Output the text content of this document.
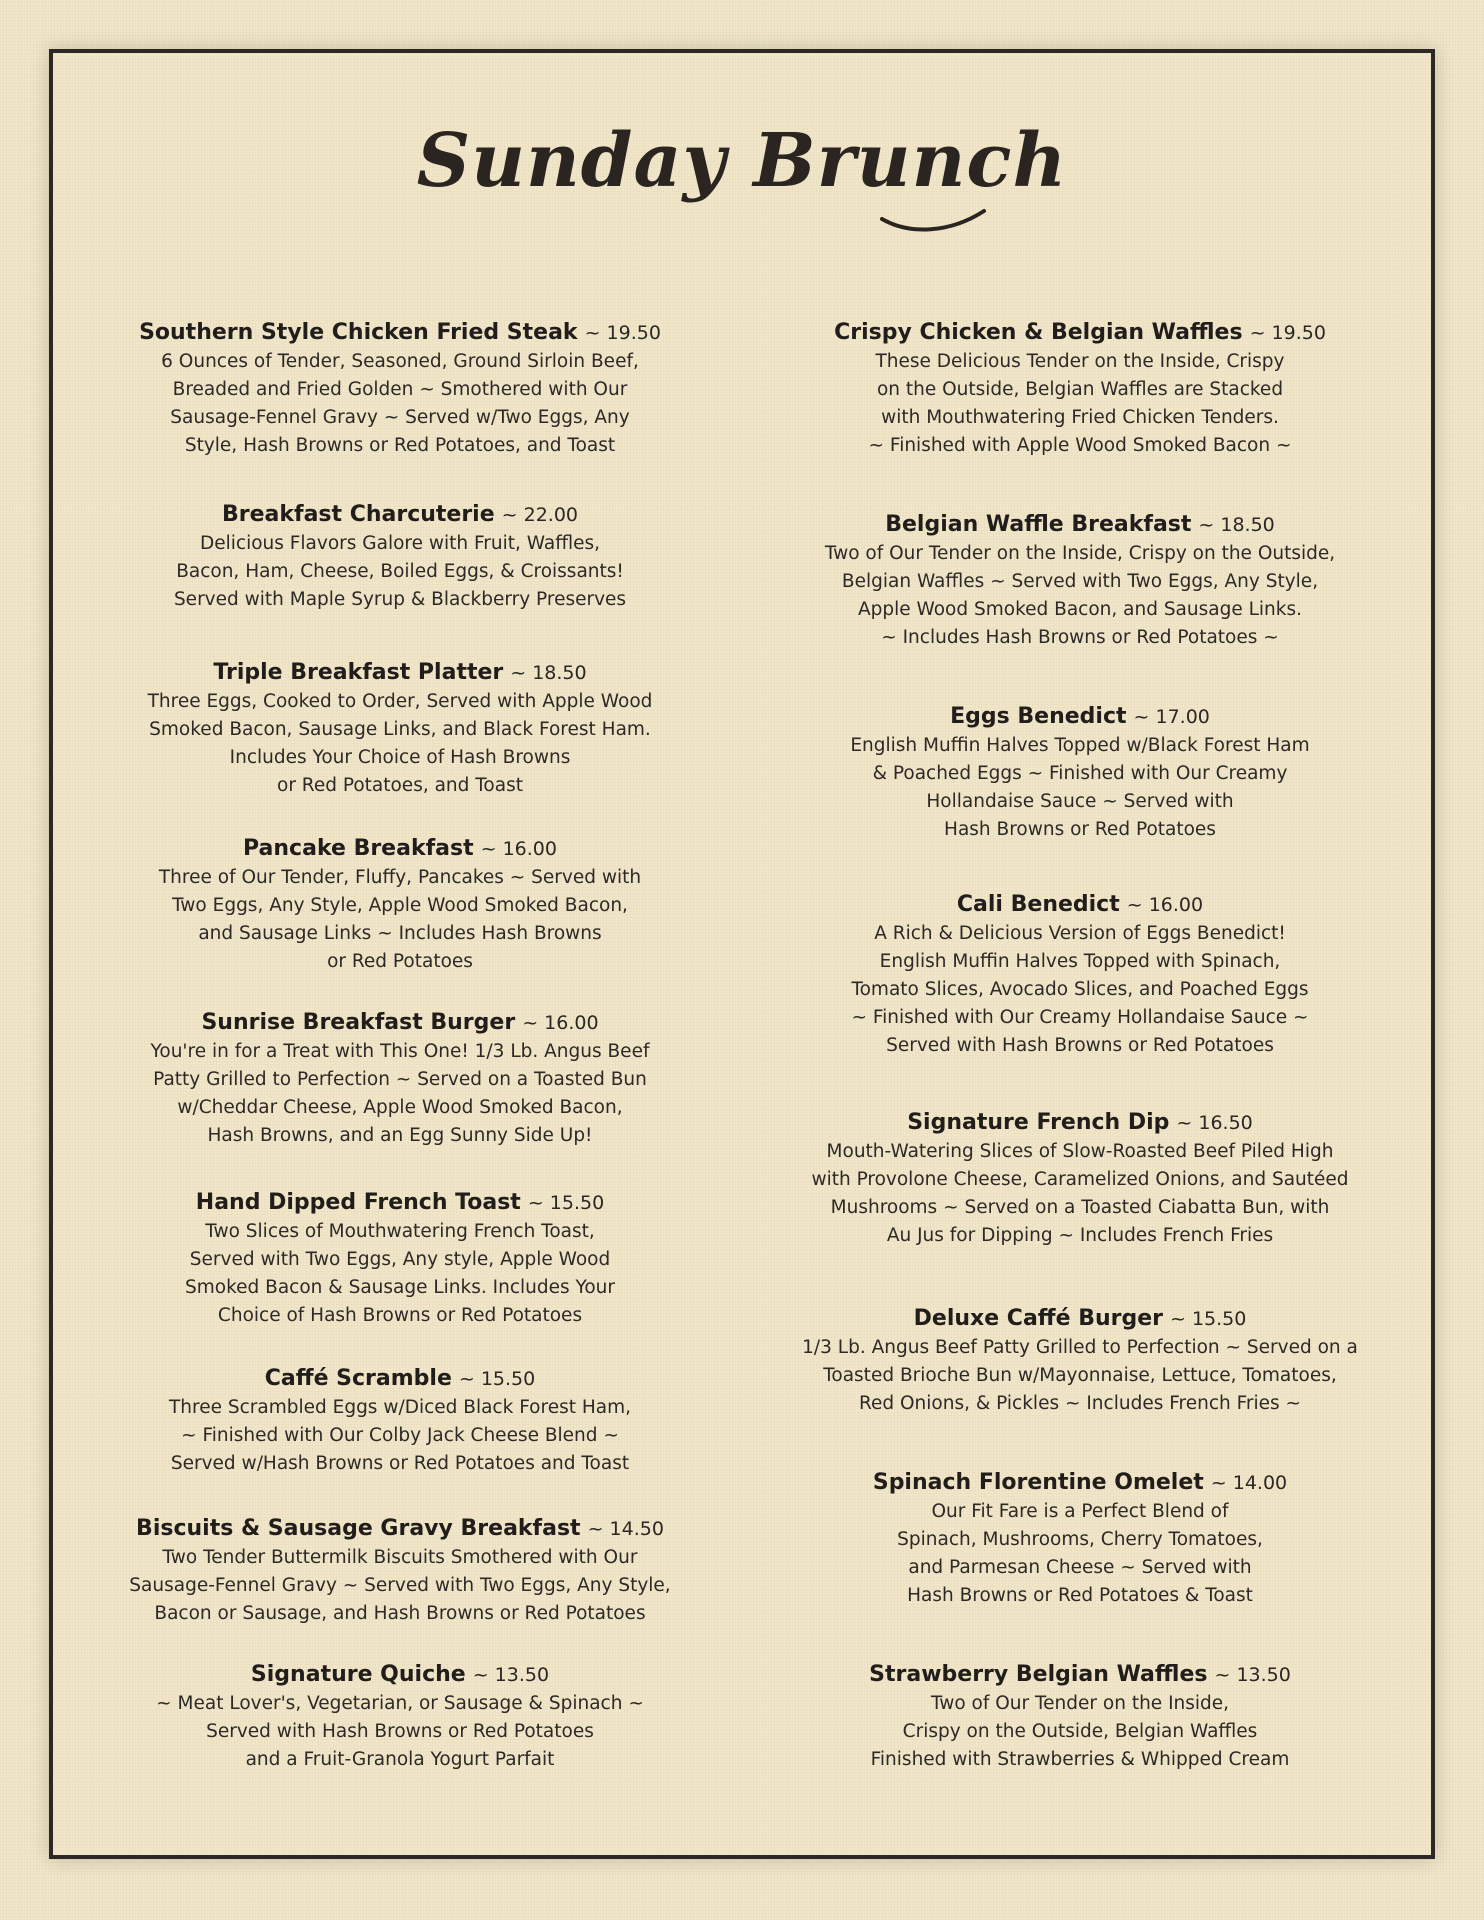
Sunday Brunch
Southern Style Chicken Fried Steak ~ 19.50
6 Ounces of Tender, Seasoned, Ground Sirloin Beef,
Breaded and Fried Golden ~ Smothered with Our
Sausage-Fennel Gravy ~ Served w/Two Eggs, Any
Style, Hash Browns or Red Potatoes, and Toast
Breakfast Charcuterie ~ 22.00
Delicious Flavors Galore with Fruit, Waffles,
Bacon, Ham, Cheese, Boiled Eggs, & Croissants!
Served with Maple Syrup & Blackberry Preserves
Triple Breakfast Platter ~ 18.50
Three Eggs, Cooked to Order, Served with Apple Wood
Smoked Bacon, Sausage Links, and Black Forest Ham.
Includes Your Choice of Hash Browns
or Red Potatoes, and Toast
Pancake Breakfast ~ 16.00
Three of Our Tender, Fluffy, Pancakes ~ Served with
Two Eggs, Any Style, Apple Wood Smoked Bacon,
and Sausage Links ~ Includes Hash Browns
or Red Potatoes
Sunrise Breakfast Burger ~ 16.00
You're in for a Treat with This One! 1/3 Lb. Angus Beef
Patty Grilled to Perfection ~ Served on a Toasted Bun
w/Cheddar Cheese, Apple Wood Smoked Bacon,
Hash Browns, and an Egg Sunny Side Up!
Hand Dipped French Toast ~ 15.50
Two Slices of Mouthwatering French Toast,
Served with Two Eggs, Any style, Apple Wood
Smoked Bacon & Sausage Links. Includes Your
Choice of Hash Browns or Red Potatoes
Caffé Scramble ~ 15.50
Three Scrambled Eggs w/Diced Black Forest Ham,
~ Finished with Our Colby Jack Cheese Blend ~
Served w/Hash Browns or Red Potatoes and Toast
Biscuits & Sausage Gravy Breakfast ~ 14.50
Two Tender Buttermilk Biscuits Smothered with Our
Sausage-Fennel Gravy ~ Served with Two Eggs, Any Style,
Bacon or Sausage, and Hash Browns or Red Potatoes
Signature Quiche ~ 13.50
~ Meat Lover's, Vegetarian, or Sausage & Spinach ~
Served with Hash Browns or Red Potatoes
and a Fruit-Granola Yogurt Parfait
Crispy Chicken & Belgian Waffles ~ 19.50
These Delicious Tender on the Inside, Crispy
on the Outside, Belgian Waffles are Stacked
with Mouthwatering Fried Chicken Tenders.
~ Finished with Apple Wood Smoked Bacon ~
Belgian Waffle Breakfast ~ 18.50
Two of Our Tender on the Inside, Crispy on the Outside,
Belgian Waffles ~ Served with Two Eggs, Any Style,
Apple Wood Smoked Bacon, and Sausage Links.
~ Includes Hash Browns or Red Potatoes ~
Eggs Benedict ~ 17.00
English Muffin Halves Topped w/Black Forest Ham
& Poached Eggs ~ Finished with Our Creamy
Hollandaise Sauce ~ Served with
Hash Browns or Red Potatoes
Cali Benedict ~ 16.00
A Rich & Delicious Version of Eggs Benedict!
English Muffin Halves Topped with Spinach,
Tomato Slices, Avocado Slices, and Poached Eggs
~ Finished with Our Creamy Hollandaise Sauce ~
Served with Hash Browns or Red Potatoes
Signature French Dip ~ 16.50
Mouth-Watering Slices of Slow-Roasted Beef Piled High
with Provolone Cheese, Caramelized Onions, and Sautéed
Mushrooms ~ Served on a Toasted Ciabatta Bun, with
Au Jus for Dipping ~ Includes French Fries
Deluxe Caffé Burger ~ 15.50
1/3 Lb. Angus Beef Patty Grilled to Perfection ~ Served on a
Toasted Brioche Bun w/Mayonnaise, Lettuce, Tomatoes,
Red Onions, & Pickles ~ Includes French Fries ~
Spinach Florentine Omelet ~ 14.00
Our Fit Fare is a Perfect Blend of
Spinach, Mushrooms, Cherry Tomatoes,
and Parmesan Cheese ~ Served with
Hash Browns or Red Potatoes & Toast
Strawberry Belgian Waffles ~ 13.50
Two of Our Tender on the Inside,
Crispy on the Outside, Belgian Waffles
Finished with Strawberries & Whipped Cream
